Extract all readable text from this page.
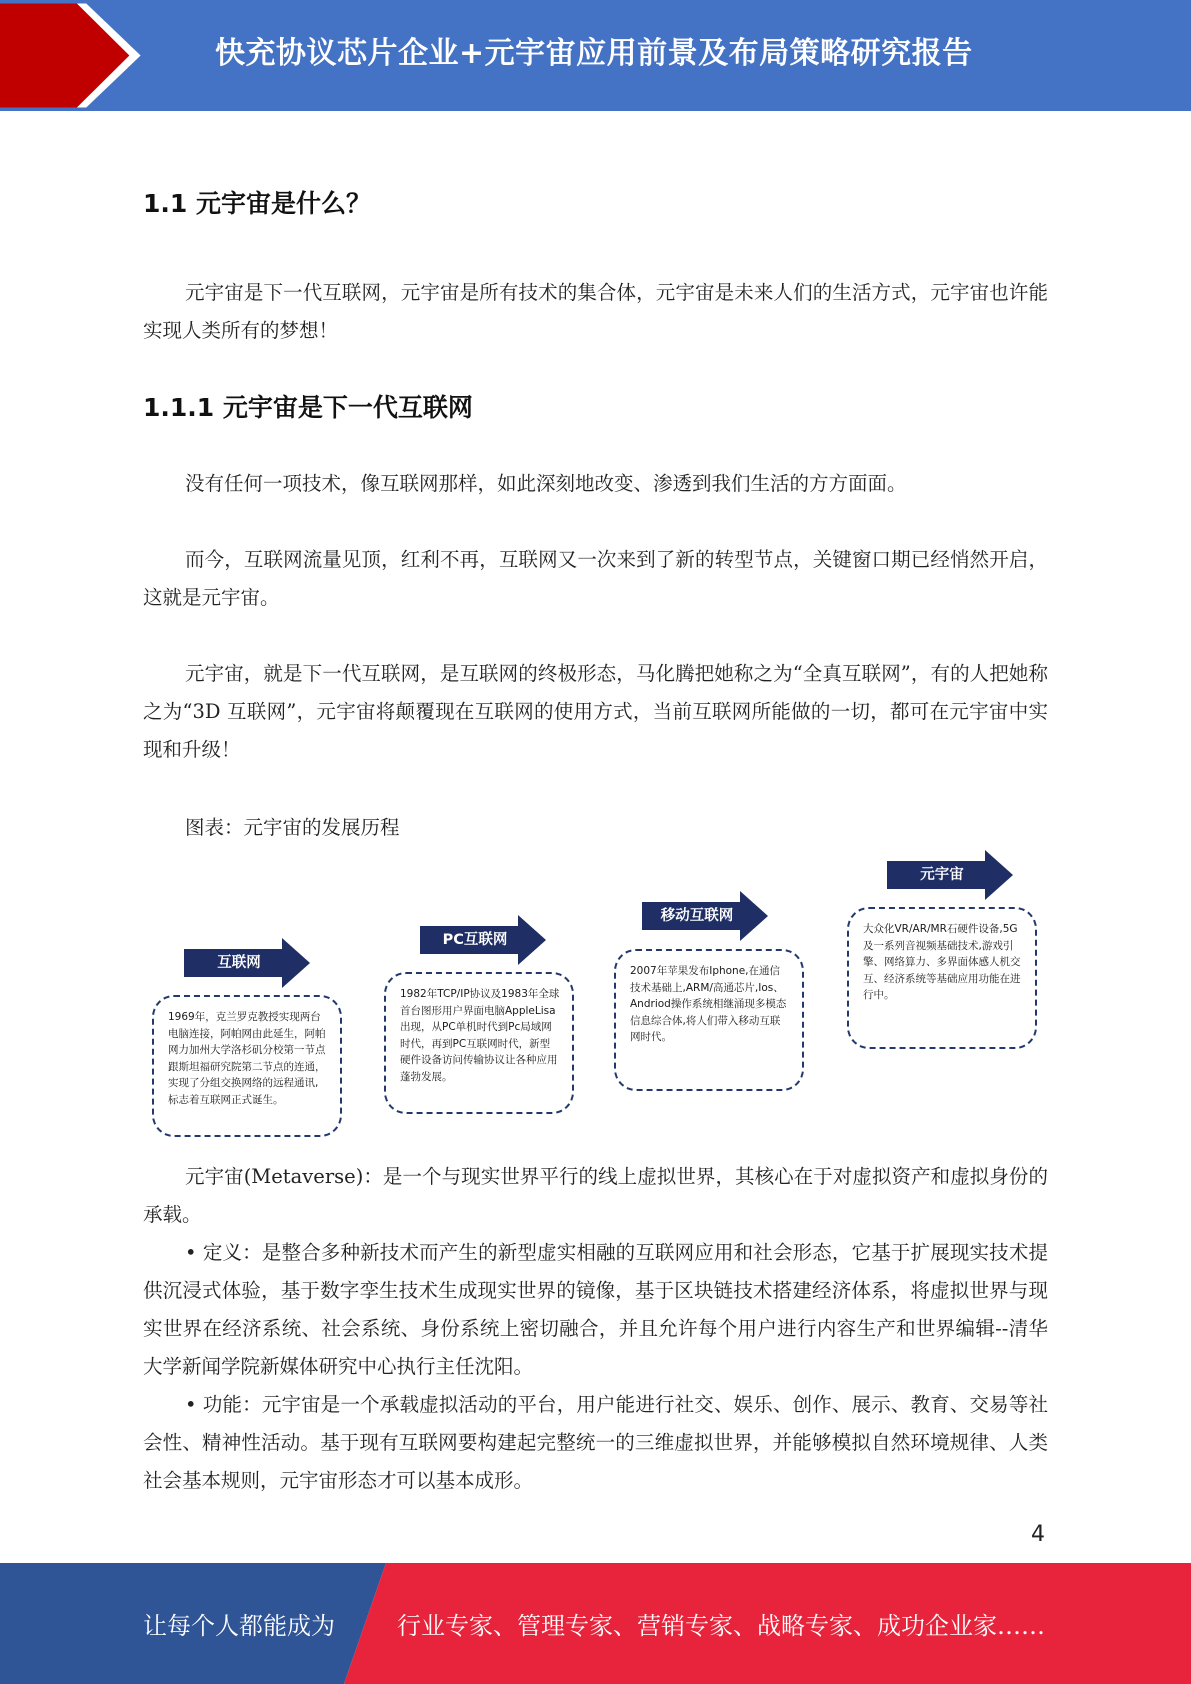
快充协议芯片企业+元宇宙应用前景及布局策略研究报告
1.1 元宇宙是什么？
元宇宙是下一代互联网，元宇宙是所有技术的集合体，元宇宙是未来人们的生活方式，元宇宙也许能实现人类所有的梦想！
1.1.1 元宇宙是下一代互联网
没有任何一项技术，像互联网那样，如此深刻地改变、渗透到我们生活的方方面面。
而今，互联网流量见顶，红利不再，互联网又一次来到了新的转型节点，关键窗口期已经悄然开启，这就是元宇宙。
元宇宙，就是下一代互联网，是互联网的终极形态，马化腾把她称之为“全真互联网”，有的人把她称之为“3D 互联网”，元宇宙将颠覆现在互联网的使用方式，当前互联网所能做的一切，都可在元宇宙中实现和升级！
图表：元宇宙的发展历程
互联网
1969年，克兰罗克教授实现两台电脑连接，阿帕网由此延生，阿帕网力加州大学洛杉矶分校第一节点跟斯坦福研究院第二节点的连通，实现了分组交换网络的远程通讯,标志着互联网正式诞生。
PC互联网
1982年TCP/IP协议及1983年全球首台图形用户界面电脑AppleLisa出现，从PC单机时代到Pc局域网时代，再到PC互联网时代，新型硬件设备访问传输协议让各种应用蓬勃发展。
移动互联网
2007年苹果发布Iphone,在通信技术基础上,ARM/高通芯片,Ios、Andriod操作系统相继涌现多模态信息综合体,将人们带入移动互联网时代。
元宇宙
大众化VR/AR/MR石硬件设备,5G及一系列音视频基础技术,游戏引擎、网络算力、多界面体感人机交互、经济系统等基础应用功能在进行中。
元宇宙(Metaverse)：是一个与现实世界平行的线上虚拟世界，其核心在于对虚拟资产和虚拟身份的承载。
• 定义：是整合多种新技术而产生的新型虚实相融的互联网应用和社会形态，它基于扩展现实技术提供沉浸式体验，基于数字孪生技术生成现实世界的镜像，基于区块链技术搭建经济体系，将虚拟世界与现实世界在经济系统、社会系统、身份系统上密切融合，并且允许每个用户进行内容生产和世界编辑--清华大学新闻学院新媒体研究中心执行主任沈阳。
• 功能：元宇宙是一个承载虚拟活动的平台，用户能进行社交、娱乐、创作、展示、教育、交易等社会性、精神性活动。基于现有互联网要构建起完整统一的三维虚拟世界，并能够模拟自然环境规律、人类社会基本规则，元宇宙形态才可以基本成形。
4
让每个人都能成为	行业专家、管理专家、营销专家、战略专家、成功企业家……
